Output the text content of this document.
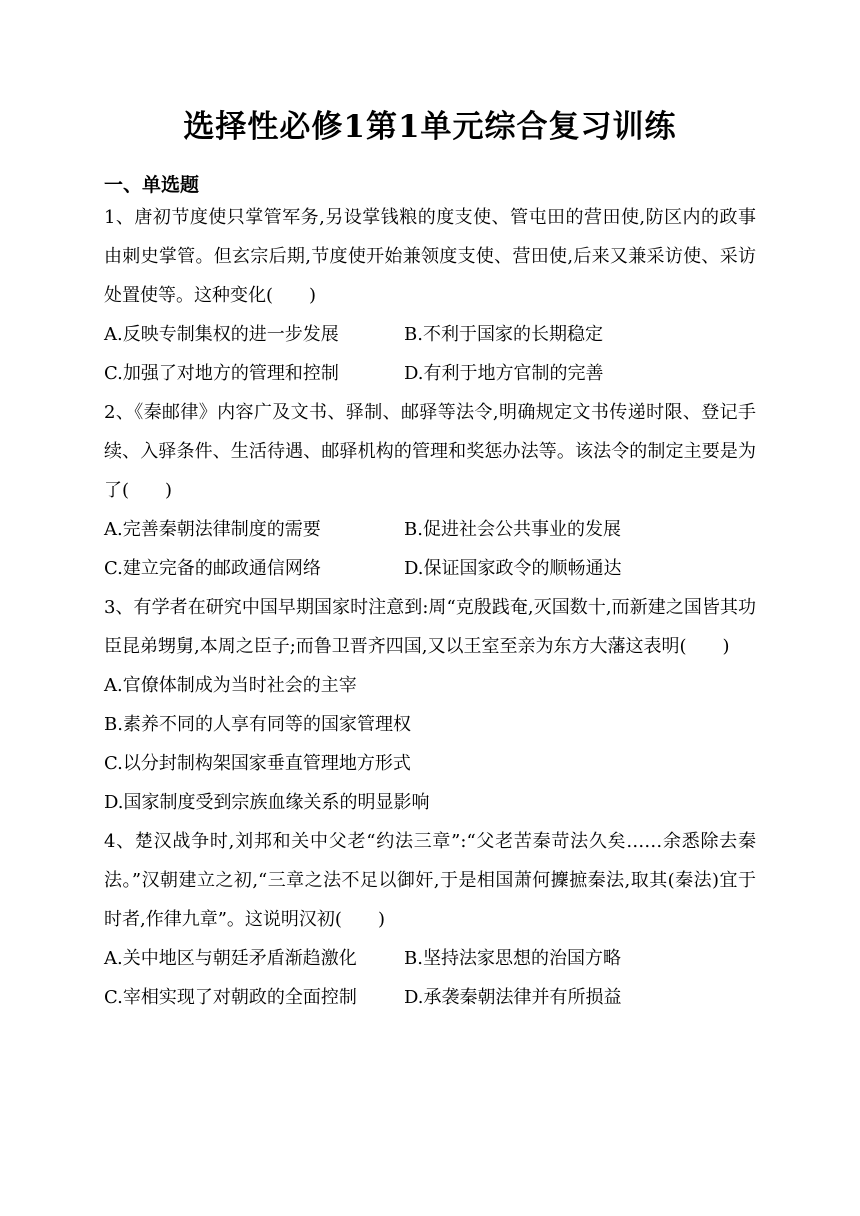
选择性必修1第1单元综合复习训练
一、单选题
1、唐初节度使只掌管军务,另设掌钱粮的度支使、管屯田的营田使,防区内的政事由刺史掌管。但玄宗后期,节度使开始兼领度支使、营田使,后来又兼采访使、采访处置使等。这种变化(　　)
A.反映专制集权的进一步发展	B.不利于国家的长期稳定
C.加强了对地方的管理和控制	D.有利于地方官制的完善
2、《秦邮律》内容广及文书、驿制、邮驿等法令,明确规定文书传递时限、登记手续、入驿条件、生活待遇、邮驿机构的管理和奖惩办法等。该法令的制定主要是为了(　　)
A.完善秦朝法律制度的需要	B.促进社会公共事业的发展
C.建立完备的邮政通信网络	D.保证国家政令的顺畅通达
3、有学者在研究中国早期国家时注意到:周“克殷践奄,灭国数十,而新建之国皆其功臣昆弟甥舅,本周之臣子;而鲁卫晋齐四国,又以王室至亲为东方大藩这表明(　　)
A.官僚体制成为当时社会的主宰
B.素养不同的人享有同等的国家管理权
C.以分封制构架国家垂直管理地方形式
D.国家制度受到宗族血缘关系的明显影响
4、楚汉战争时,刘邦和关中父老“约法三章”:“父老苦秦苛法久矣……余悉除去秦法。”汉朝建立之初,“三章之法不足以御奸,于是相国萧何攈摭秦法,取其(秦法)宜于时者,作律九章”。这说明汉初(　　)
A.关中地区与朝廷矛盾渐趋激化	B.坚持法家思想的治国方略
C.宰相实现了对朝政的全面控制	D.承袭秦朝法律并有所损益
